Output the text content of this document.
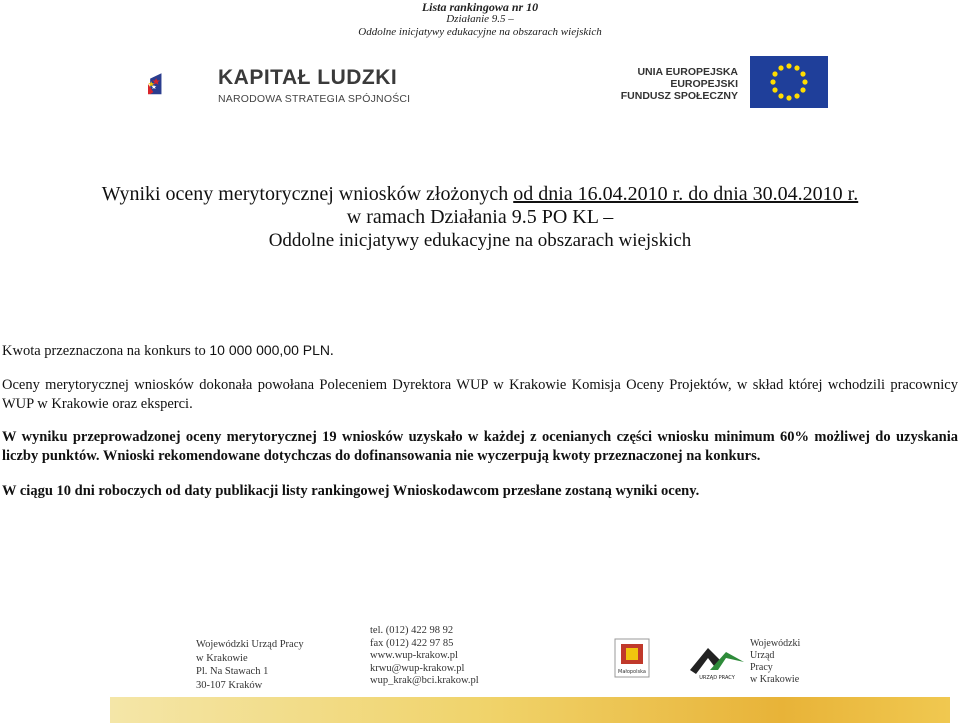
Lista rankingowa nr 10
Działanie 9.5 –
Oddolne inicjatywy edukacyjne na obszarach wiejskich
KAPITAŁ LUDZKI
NARODOWA STRATEGIA SPÓJNOŚCI
UNIA EUROPEJSKA
EUROPEJSKI
FUNDUSZ SPOŁECZNY
Wyniki oceny merytorycznej wniosków złożonych od dnia 16.04.2010 r. do dnia 30.04.2010 r.
w ramach Działania 9.5 PO KL –
Oddolne inicjatywy edukacyjne na obszarach wiejskich
Kwota przeznaczona na konkurs to 10 000 000,00 PLN.
Oceny merytorycznej wniosków dokonała powołana Poleceniem Dyrektora WUP w Krakowie Komisja Oceny Projektów, w skład której wchodzili pracownicy WUP w Krakowie oraz eksperci.
W wyniku przeprowadzonej oceny merytorycznej 19 wniosków uzyskało w każdej z ocenianych części wniosku minimum 60% możliwej do uzyskania liczby punktów. Wnioski rekomendowane dotychczas do dofinansowania nie wyczerpują kwoty przeznaczonej na konkurs.
W ciągu 10 dni roboczych od daty publikacji listy rankingowej Wnioskodawcom przesłane zostaną wyniki oceny.
Wojewódzki Urząd Pracy
w Krakowie
Pl. Na Stawach 1
30-107 Kraków
tel. (012) 422 98 92
fax (012) 422 97 85
www.wup-krakow.pl
krwu@wup-krakow.pl
wup_krak@bci.krakow.pl
Małopolska
URZĄD PRACY
Wojewódzki
Urząd
Pracy
w Krakowie
